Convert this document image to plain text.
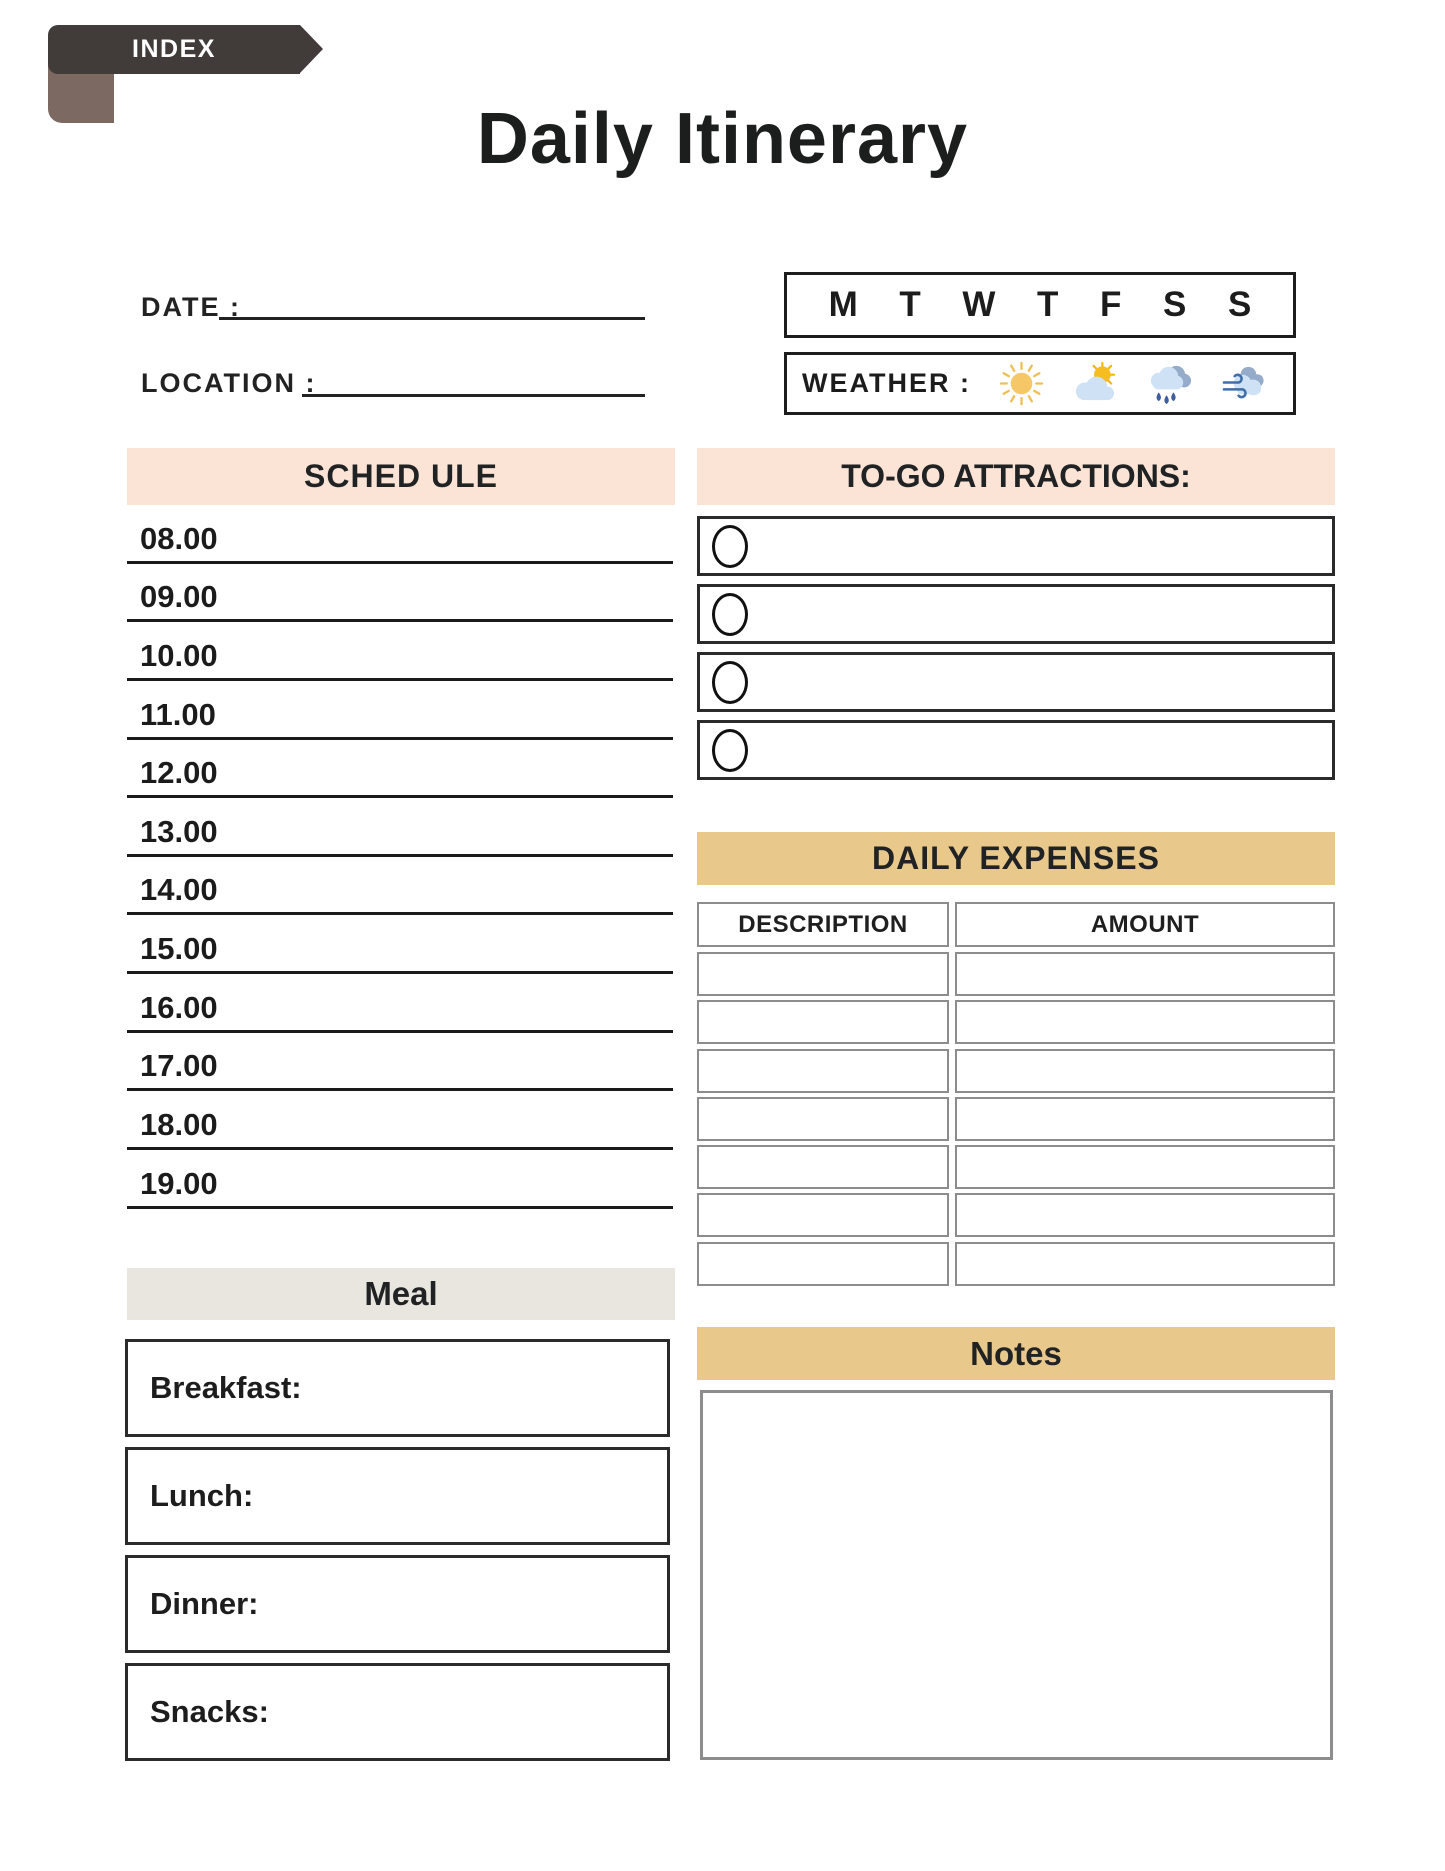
INDEX
Daily Itinerary
DATE :
LOCATION :
M T W T F S S
WEATHER :
SCHED ULE
08.00
09.00
10.00
11.00
12.00
13.00
14.00
15.00
16.00
17.00
18.00
19.00
TO-GO ATTRACTIONS:
DAILY EXPENSES
DESCRIPTION	AMOUNT
Meal
Breakfast:
Lunch:
Dinner:
Snacks:
Notes
